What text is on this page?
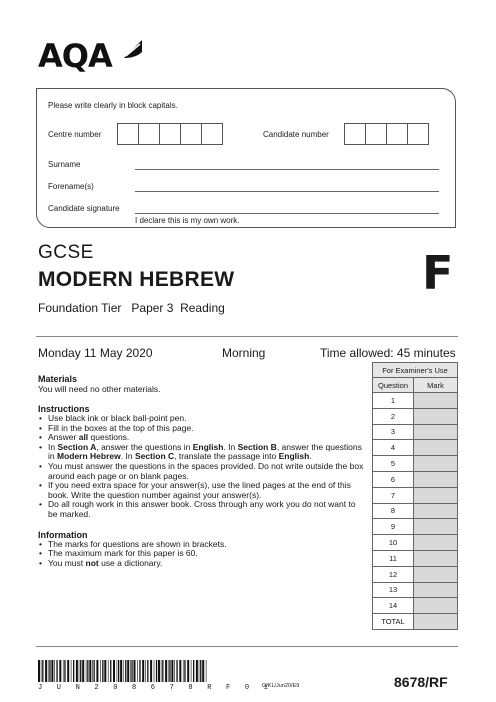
AQA
Please write clearly in block capitals.
Centre number	Candidate number
Surname
Forename(s)
Candidate signature
I declare this is my own work.
GCSE
MODERN HEBREW
Foundation Tier   Paper 3  Reading
F
Monday 11 May 2020	Morning	Time allowed: 45 minutes
Materials
You will need no other materials.
Instructions
• Use black ink or black ball-point pen.
• Fill in the boxes at the top of this page.
• Answer all questions.
• In Section A, answer the questions in English. In Section B, answer the questions in Modern Hebrew. In Section C, translate the passage into English.
• You must answer the questions in the spaces provided. Do not write outside the box around each page or on blank pages.
• If you need extra space for your answer(s), use the lined pages at the end of this book. Write the question number against your answer(s).
• Do all rough work in this answer book. Cross through any work you do not want to be marked.
Information
• The marks for questions are shown in brackets.
• The maximum mark for this paper is 60.
• You must not use a dictionary.
For Examiner's Use	
Question	Mark
1	
2	
3	
4	
5	
6	
7	
8	
9	
10	
11	
12	
13	
14	
TOTAL	
J U N 2 0 8 6 7 8 R F 0 1
G/KL/Jun20/E9	8678/RF
